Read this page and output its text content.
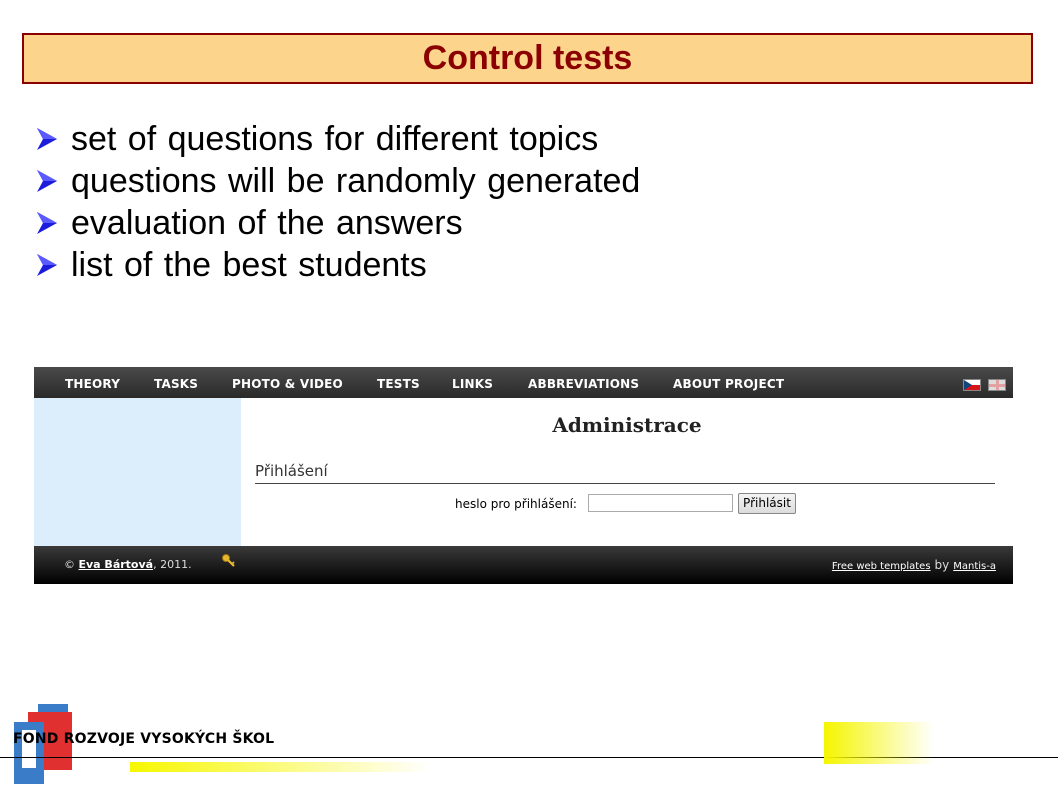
Control tests
set of questions for different topics
questions will be randomly generated
evaluation of the answers
list of the best students
THEORY	TASKS	PHOTO & VIDEO	TESTS	LINKS	ABBREVIATIONS	ABOUT PROJECT
Administrace
Přihlášení
heslo pro přihlášení:	Přihlásit
© Eva Bártová, 2011.	Free web templates by Mantis-a
FOND ROZVOJE VYSOKÝCH ŠKOL
